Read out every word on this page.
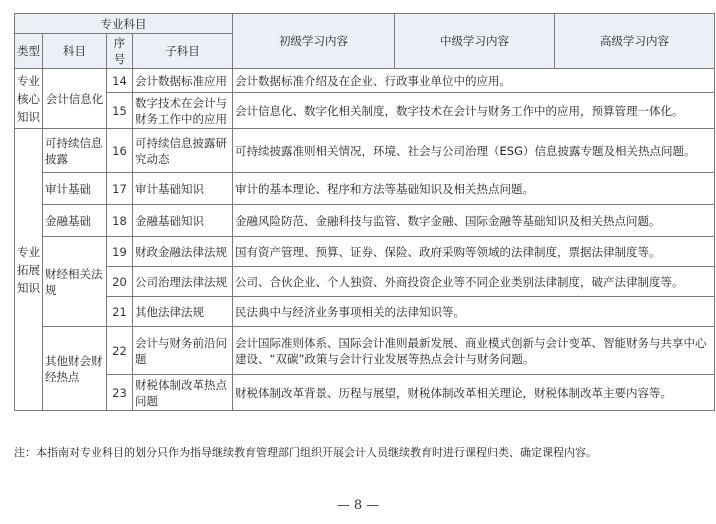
专业科目				初级学习内容	中级学习内容	高级学习内容
类型	科目	序号	子科目			
专业核心知识	会计信息化	14	会计数据标准应用	会计数据标准介绍及在企业、行政事业单位中的应用。		
		15	数字技术在会计与财务工作中的应用	会计信息化、数字化相关制度，数字技术在会计与财务工作中的应用，预算管理一体化。		
专业拓展知识	可持续信息披露	16	可持续信息披露研究动态	可持续披露准则相关情况，环境、社会与公司治理（ESG）信息披露专题及相关热点问题。		
	审计基础	17	审计基础知识	审计的基本理论、程序和方法等基础知识及相关热点问题。		
	金融基础	18	金融基础知识	金融风险防范、金融科技与监管、数字金融、国际金融等基础知识及相关热点问题。		
	财经相关法规	19	财政金融法律法规	国有资产管理、预算、证券、保险、政府采购等领域的法律制度，票据法律制度等。		
		20	公司治理法律法规	公司、合伙企业、个人独资、外商投资企业等不同企业类别法律制度，破产法律制度等。		
		21	其他法律法规	民法典中与经济业务事项相关的法律知识等。		
	其他财会财经热点	22	会计与财务前沿问题	会计国际准则体系、国际会计准则最新发展、商业模式创新与会计变革、智能财务与共享中心建设、“双碳”政策与会计行业发展等热点会计与财务问题。		
		23	财税体制改革热点问题	财税体制改革背景、历程与展望，财税体制改革相关理论，财税体制改革主要内容等。		
注：本指南对专业科目的划分只作为指导继续教育管理部门组织开展会计人员继续教育时进行课程归类、确定课程内容。
— 8 —
